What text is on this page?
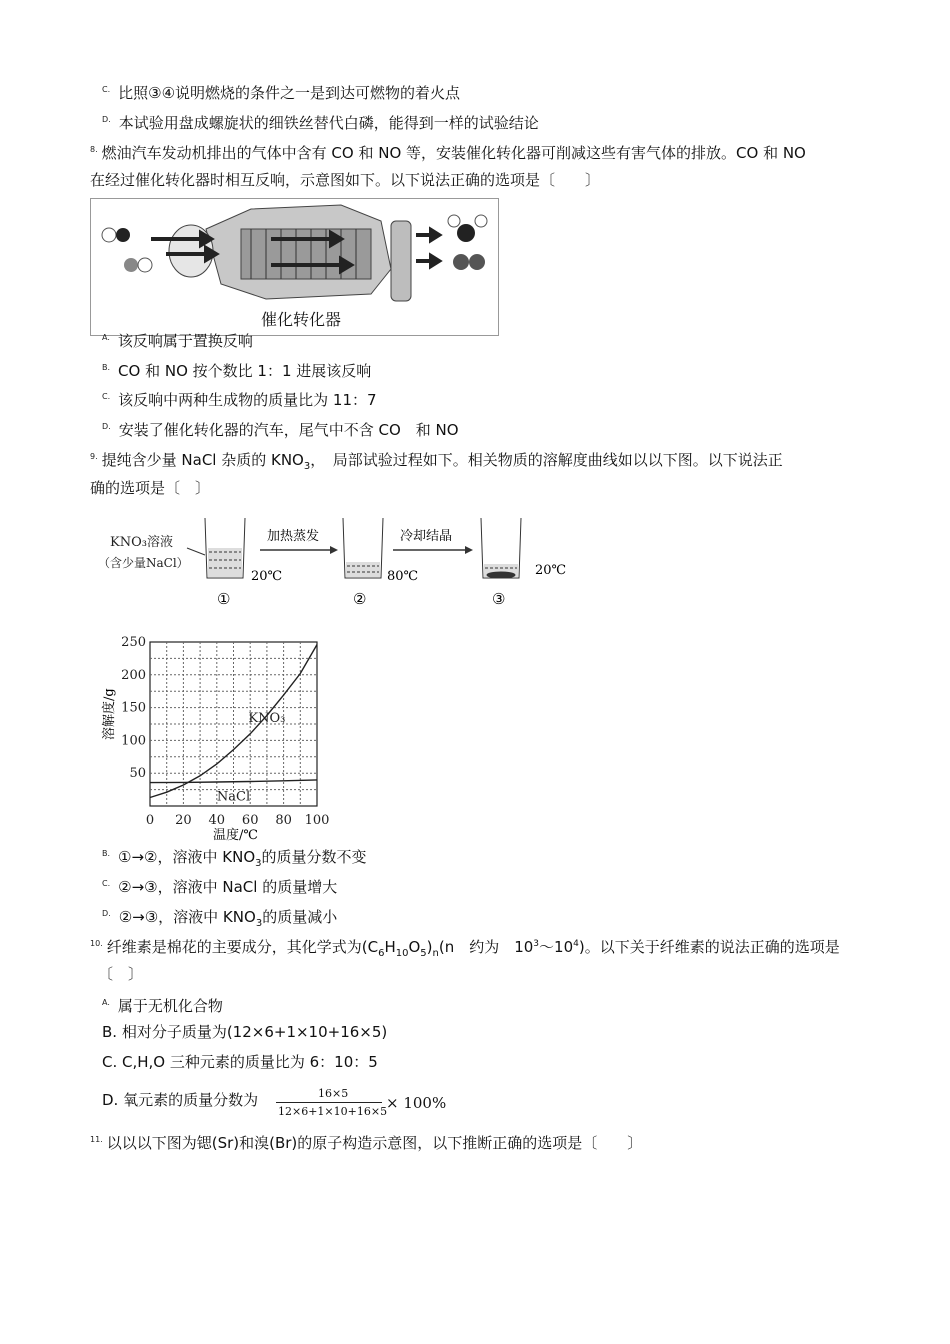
$^{C.}$ 比照③④说明燃烧的条件之一是到达可燃物的着火点
$^{D.}$ 本试验用盘成螺旋状的细铁丝替代白磷，能得到一样的试验结论
$^{8.}$ 燃油汽车发动机排出的气体中含有 CO 和 NO 等，安装催化转化器可削减这些有害气体的排放。CO 和 NO
在经过催化转化器时相互反响，示意图如下。以下说法正确的选项是〔　　〕
催化转化器
$^{A.}$ 该反响属于置换反响
$^{B.}$ CO 和 NO 按个数比 1：1 进展该反响
$^{C.}$ 该反响中两种生成物的质量比为 11：7
$^{D.}$ 安装了催化转化器的汽车，尾气中不含 CO　和 NO
$^{9.}$ 提纯含少量 NaCl 杂质的 $KNO_3$，　局部试验过程如下。相关物质的溶解度曲线如以以下图。以下说法正
确的选项是〔　〕
KNO₃溶液
（含少量NaCl）
20℃
①
加热蒸发
80℃
②
冷却结晶
20℃
③
KNO₃
NaCl
0 20 40 60 80 100
50
100
150
200
250
溶解度/g
温度/℃
$^{B.}$ ①→②，溶液中 $KNO_3$的质量分数不变
$^{C.}$ ②→③，溶液中 NaCl 的质量增大
$^{D.}$ ②→③，溶液中 $KNO_3$的质量减小
$^{10.}$ 纤维素是棉花的主要成分，其化学式为$(C_6H_{10}O_5)_n(n$　约为　$10^3\sim 10^4$)。以下关于纤维素的说法正确的选项是
〔　〕
$^{A.}$ 属于无机化合物
B. 相对分子质量为(12×6+1×10+16×5)
C. C,H,O 三种元素的质量比为 6：10：5
D. 氧元素的质量分数为	16×5
12×6+1×10+16×5
× 100%
$^{11.}$ 以以以下图为锶(Sr)和溴(Br)的原子构造示意图，以下推断正确的选项是〔　　〕
